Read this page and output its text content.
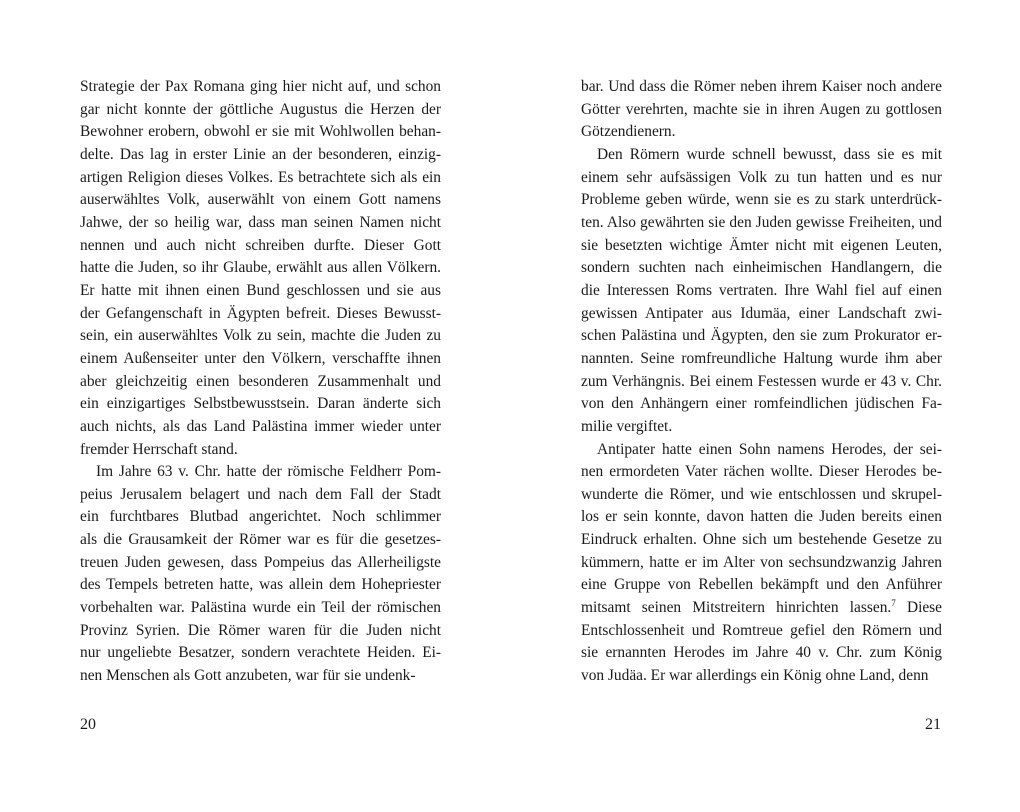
Strategie der Pax Romana ging hier nicht auf, und schon
gar nicht konnte der göttliche Augustus die Herzen der
Bewohner erobern, obwohl er sie mit Wohlwollen behan-
delte. Das lag in erster Linie an der besonderen, einzig-
artigen Religion dieses Volkes. Es betrachtete sich als ein
auserwähltes Volk, auserwählt von einem Gott namens
Jahwe, der so heilig war, dass man seinen Namen nicht
nennen und auch nicht schreiben durfte. Dieser Gott
hatte die Juden, so ihr Glaube, erwählt aus allen Völkern.
Er hatte mit ihnen einen Bund geschlossen und sie aus
der Gefangenschaft in Ägypten befreit. Dieses Bewusst-
sein, ein auserwähltes Volk zu sein, machte die Juden zu
einem Außenseiter unter den Völkern, verschaffte ihnen
aber gleichzeitig einen besonderen Zusammenhalt und
ein einzigartiges Selbstbewusstsein. Daran änderte sich
auch nichts, als das Land Palästina immer wieder unter
fremder Herrschaft stand.
Im Jahre 63 v. Chr. hatte der römische Feldherr Pom-
peius Jerusalem belagert und nach dem Fall der Stadt
ein furchtbares Blutbad angerichtet. Noch schlimmer
als die Grausamkeit der Römer war es für die gesetzes-
treuen Juden gewesen, dass Pompeius das Allerheiligste
des Tempels betreten hatte, was allein dem Hohepriester
vorbehalten war. Palästina wurde ein Teil der römischen
Provinz Syrien. Die Römer waren für die Juden nicht
nur ungeliebte Besatzer, sondern verachtete Heiden. Ei-
nen Menschen als Gott anzubeten, war für sie undenk-
20
bar. Und dass die Römer neben ihrem Kaiser noch andere
Götter verehrten, machte sie in ihren Augen zu gottlosen
Götzendienern.
Den Römern wurde schnell bewusst, dass sie es mit
einem sehr aufsässigen Volk zu tun hatten und es nur
Probleme geben würde, wenn sie es zu stark unterdrück-
ten. Also gewährten sie den Juden gewisse Freiheiten, und
sie besetzten wichtige Ämter nicht mit eigenen Leuten,
sondern suchten nach einheimischen Handlangern, die
die Interessen Roms vertraten. Ihre Wahl fiel auf einen
gewissen Antipater aus Idumäa, einer Landschaft zwi-
schen Palästina und Ägypten, den sie zum Prokurator er-
nannten. Seine romfreundliche Haltung wurde ihm aber
zum Verhängnis. Bei einem Festessen wurde er 43 v. Chr.
von den Anhängern einer romfeindlichen jüdischen Fa-
milie vergiftet.
Antipater hatte einen Sohn namens Herodes, der sei-
nen ermordeten Vater rächen wollte. Dieser Herodes be-
wunderte die Römer, und wie entschlossen und skrupel-
los er sein konnte, davon hatten die Juden bereits einen
Eindruck erhalten. Ohne sich um bestehende Gesetze zu
kümmern, hatte er im Alter von sechsundzwanzig Jahren
eine Gruppe von Rebellen bekämpft und den Anführer
mitsamt seinen Mitstreitern hinrichten lassen.$^7$ Diese
Entschlossenheit und Romtreue gefiel den Römern und
sie ernannten Herodes im Jahre 40 v. Chr. zum König
von Judäa. Er war allerdings ein König ohne Land, denn
21
